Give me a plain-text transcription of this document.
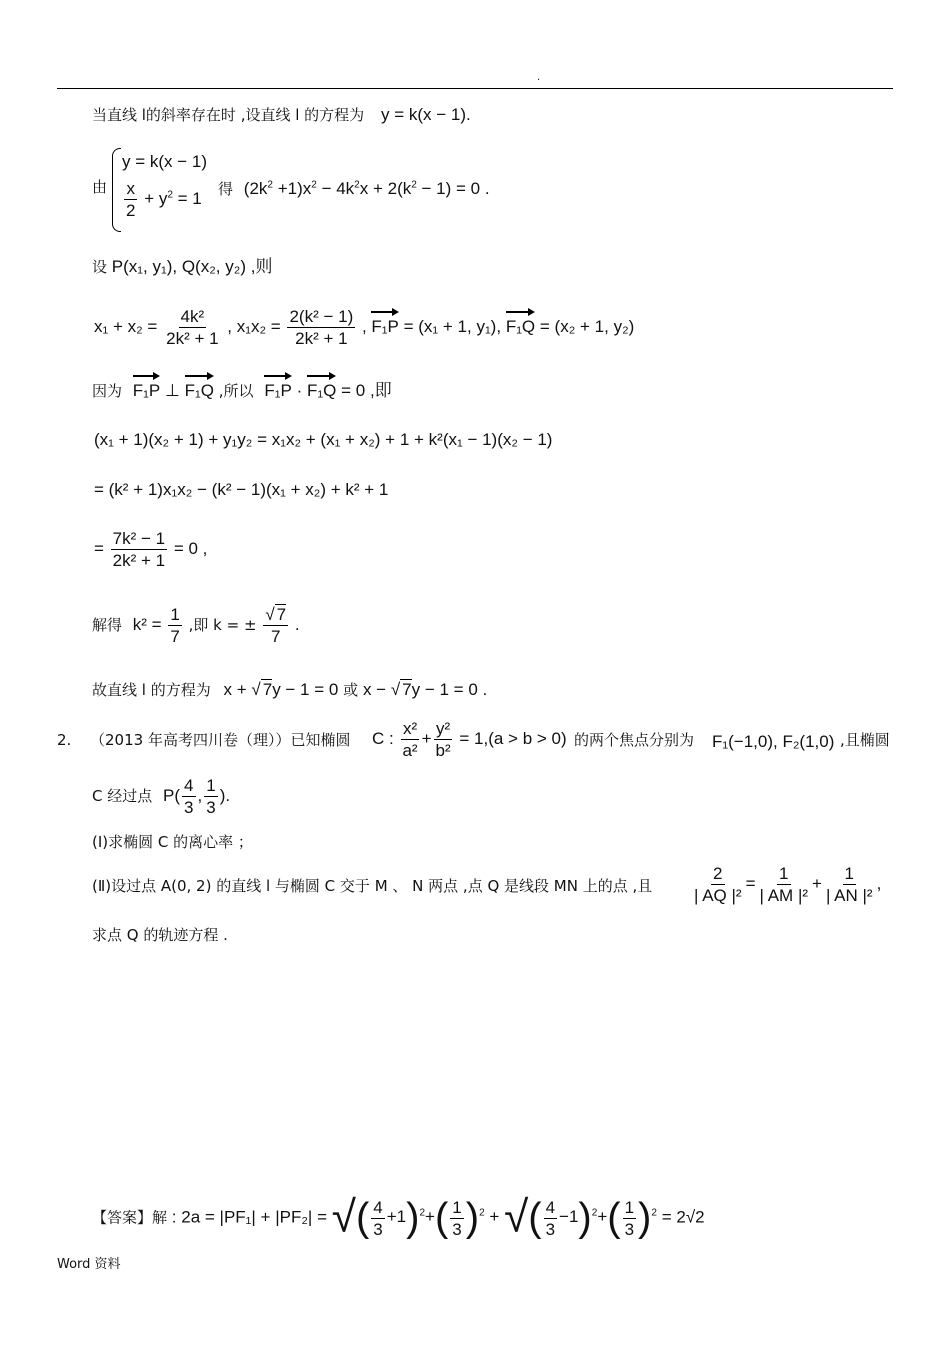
.
当直线 l的斜率存在时 ,设直线 l 的方程为 y = k(x − 1).
由
y = k(x − 1)
$\frac{x}{2} + y^2 = 1$ 得 $(2k^2 +1)x^2 - 4k^2x + 2(k^2 - 1) = 0$ .
设 P(x₁, y₁), Q(x₂, y₂) ,则
$x_1 + x_2 = \frac{\text{4k²}}{\text{2k² + 1}}$ , $x_1x_2 = \frac{\text{2(k² − 1)}}{\text{2k² + 1}}$ , F₁P = (x₁ + 1, y₁), F₁Q = (x₂ + 1, y₂)
因为 F₁P ⊥ F₁Q ,所以 F₁P · F₁Q = 0 ,即
(x₁ + 1)(x₂ + 1) + y₁y₂ = x₁x₂ + (x₁ + x₂) + 1 + k²(x₁ − 1)(x₂ − 1)
= (k² + 1)x₁x₂ − (k² − 1)(x₁ + x₂) + k² + 1
= $\frac{\text{7k² − 1}}{\text{2k² + 1}} = 0$ ,
解得 $k^2 = \frac{1}{7}$ ,即 k = ± $\frac{√ 7}{7}$ .
故直线 l 的方程为 x + √ 7y − 1 = 0 或 x − √ 7y − 1 = 0 .
2. （2013 年高考四川卷（理））已知椭圆 C : $\frac{\text{x²}}{\text{a²}} + \frac{\text{y²}}{\text{b²}} = 1,(a > b > 0)$ 的两个焦点分别为 F₁(−1,0), F₂(1,0) ,且椭圆
C 经过点 $P( \frac{4}{3}$ , $\frac{1}{3}$ ).
(Ⅰ)求椭圆 C 的离心率 ；
(Ⅱ)设过点 A(0, 2) 的直线 l 与椭圆 C 交于 M 、 N 两点 ,点 Q 是线段 MN 上的点 ,且 $\frac{2}{\text{| AQ |²}} = \frac{1}{\text{| AM |²}} + \frac{1}{\text{| AN |²}}$ ,
求点 Q 的轨迹方程 .
【答案】解 : 2a = |PF₁| + |PF₂| = √( $\frac{4}{3} +1)^2+( \frac{1}{3} )^2$ + √( $\frac{4}{3} -1)^2+( \frac{1}{3} )^2 = 2√2$
Word 资料
